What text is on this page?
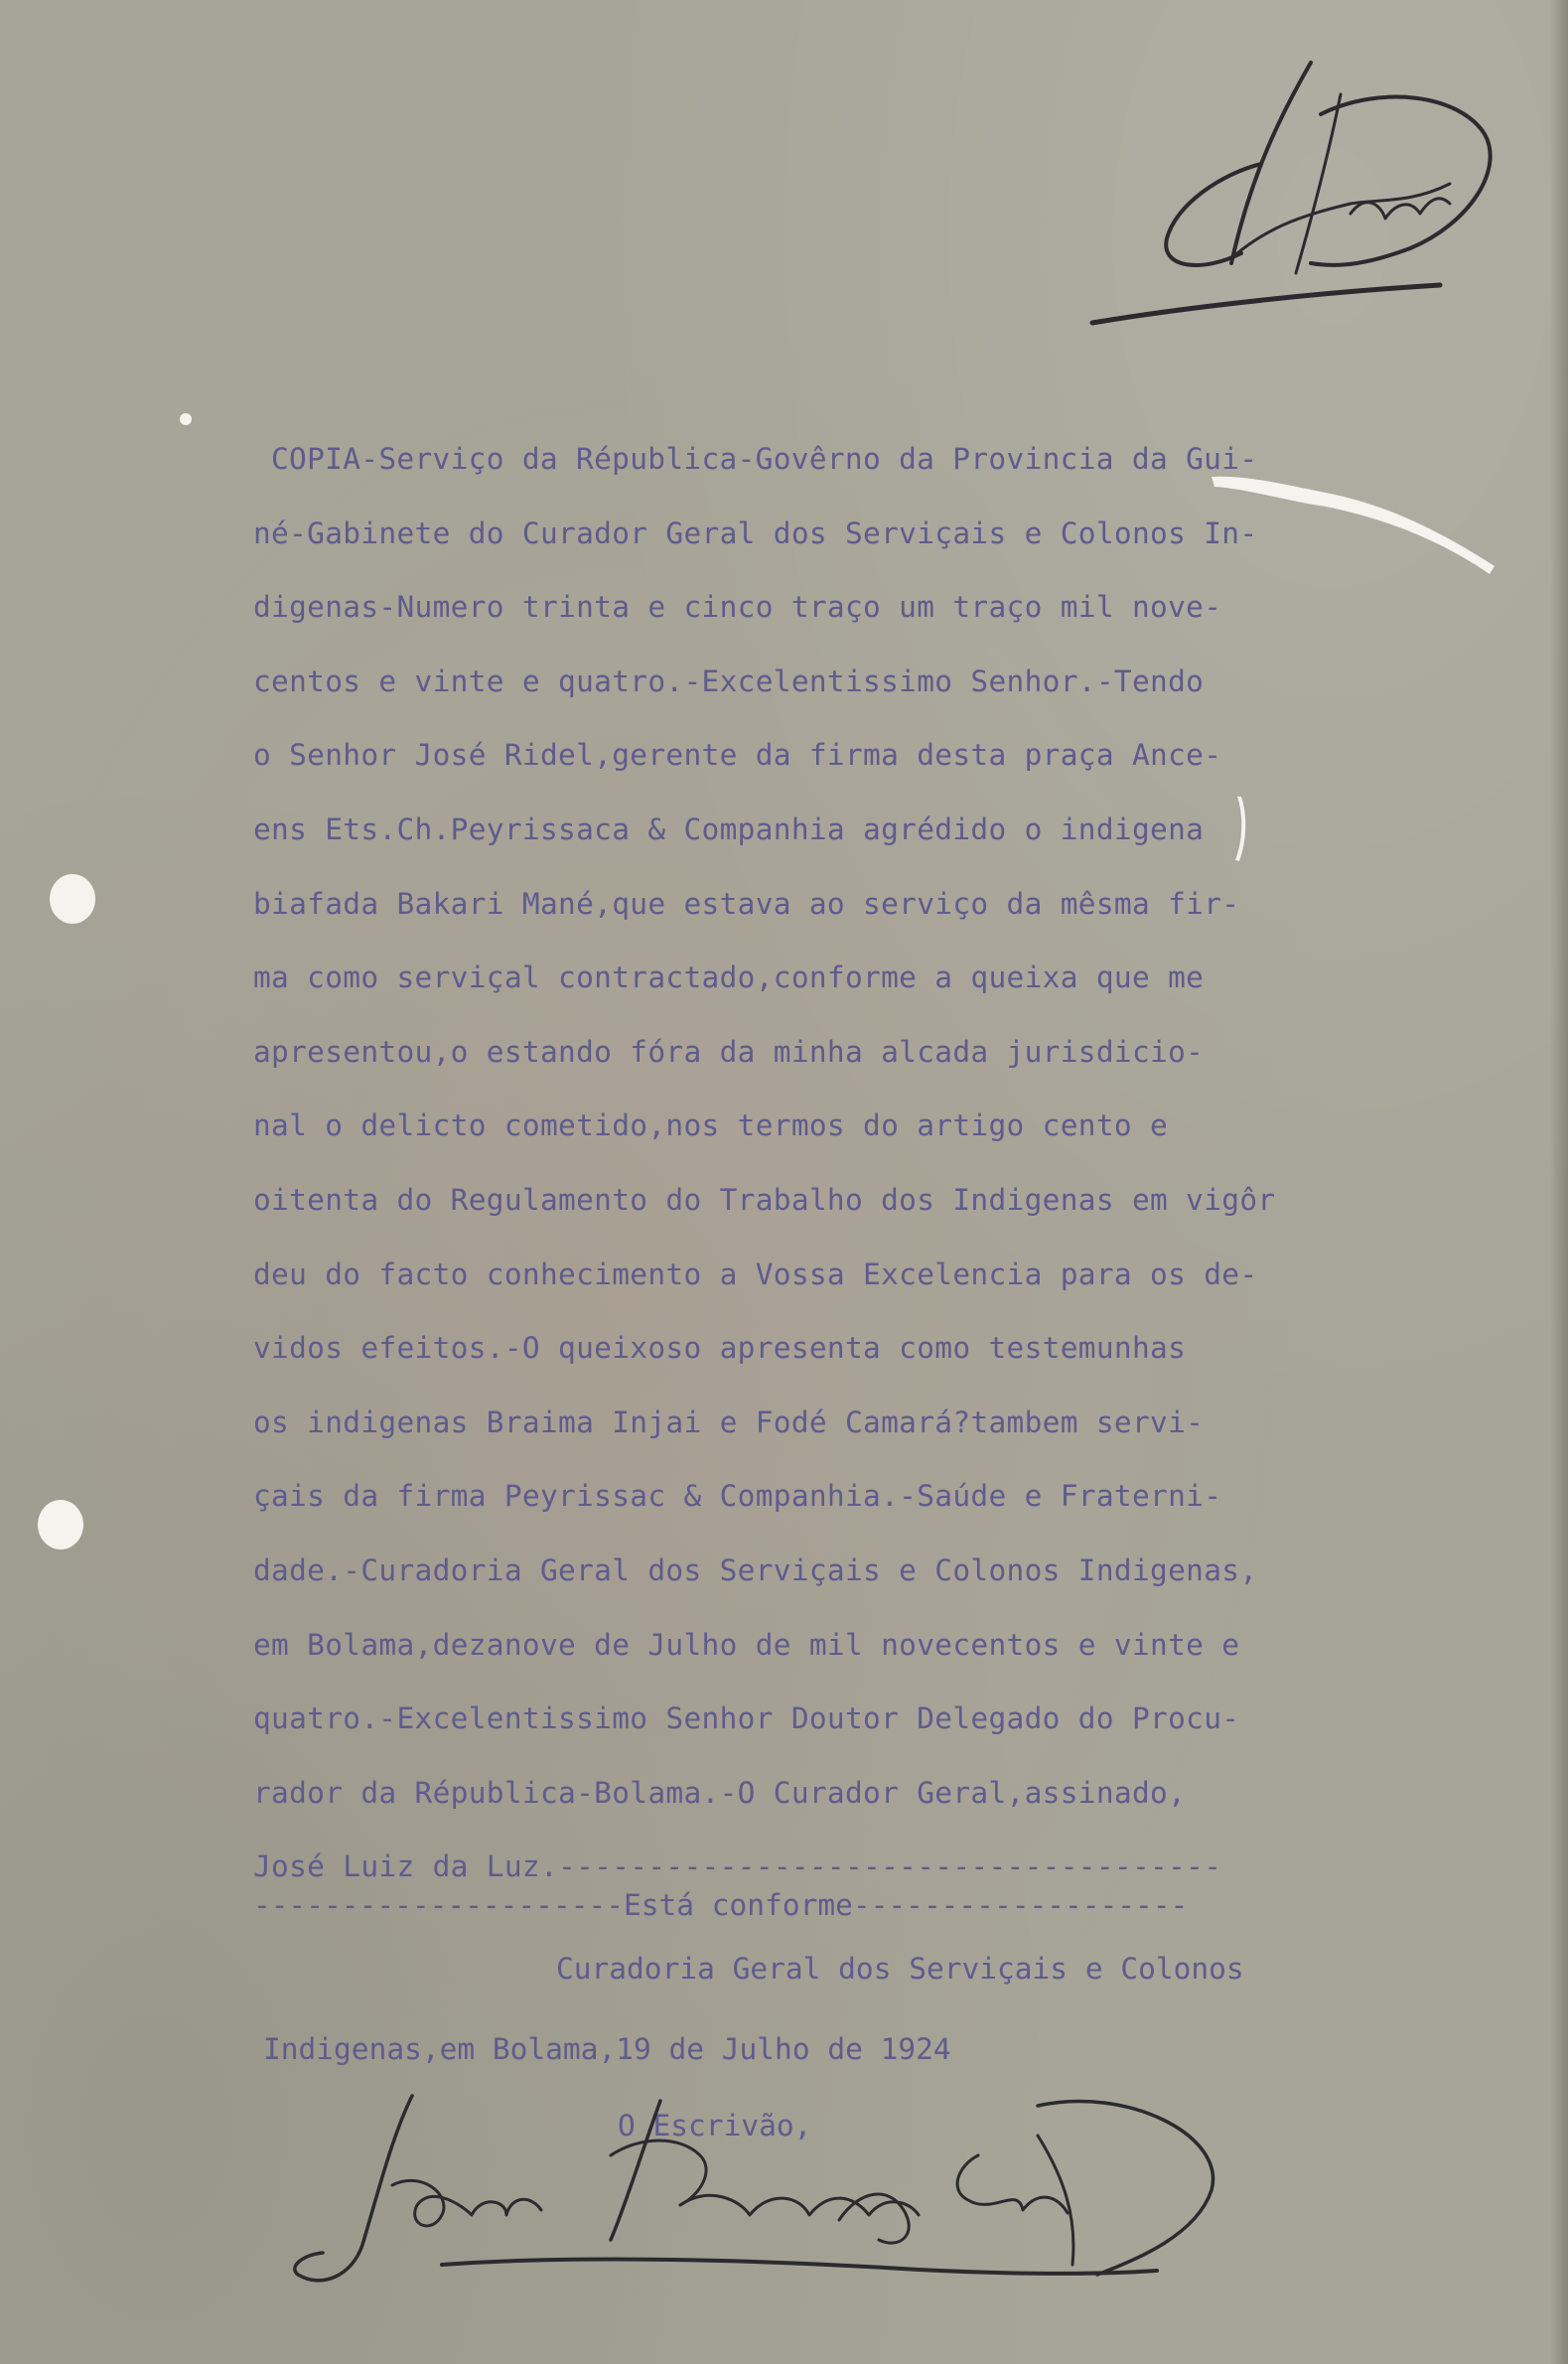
COPIA-Serviço da Républica-Govêrno da Provincia da Gui-
né-Gabinete do Curador Geral dos Serviçais e Colonos In-
digenas-Numero trinta e cinco traço um traço mil nove-
centos e vinte e quatro.-Excelentissimo Senhor.-Tendo
o Senhor José Ridel,gerente da firma desta praça Ance-
ens Ets.Ch.Peyrissaca & Companhia agrédido o indigena
biafada Bakari Mané,que estava ao serviço da mêsma fir-
ma como serviçal contractado,conforme a queixa que me
apresentou,o estando fóra da minha alcada jurisdicio-
nal o delicto cometido,nos termos do artigo cento e
oitenta do Regulamento do Trabalho dos Indigenas em vigôr
deu do facto conhecimento a Vossa Excelencia para os de-
vidos efeitos.-O queixoso apresenta como testemunhas
os indigenas Braima Injai e Fodé Camará?tambem servi-
çais da firma Peyrissac & Companhia.-Saúde e Fraterni-
dade.-Curadoria Geral dos Serviçais e Colonos Indigenas,
em Bolama,dezanove de Julho de mil novecentos e vinte e
quatro.-Excelentissimo Senhor Doutor Delegado do Procu-
rador da Républica-Bolama.-O Curador Geral,assinado,
José Luiz da Luz.-------------------------------------
---------------------Está conforme-------------------
Curadoria Geral dos Serviçais e Colonos
Indigenas,em Bolama,19 de Julho de 1924
O Escrivão,
